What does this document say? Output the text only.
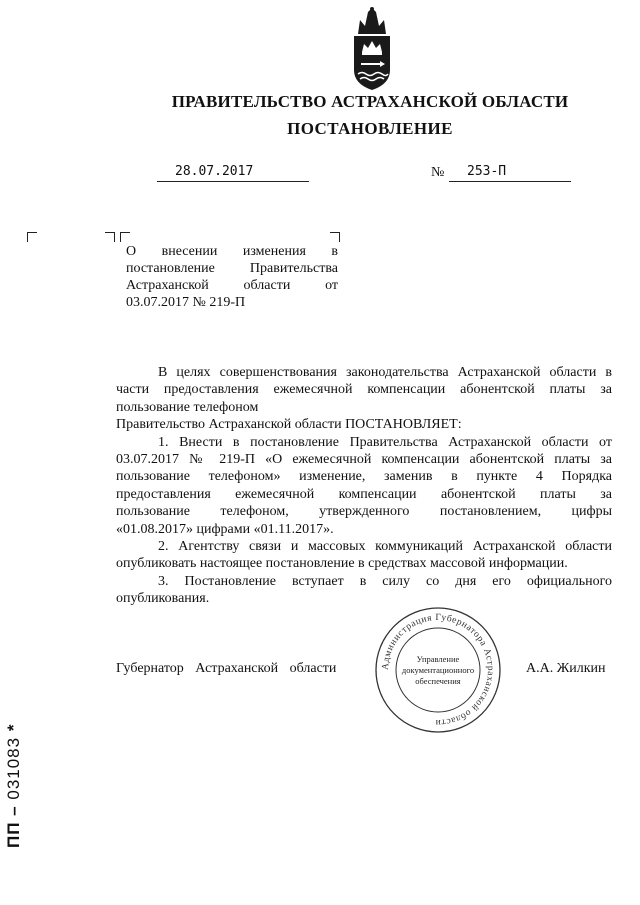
ПРАВИТЕЛЬСТВО АСТРАХАНСКОЙ ОБЛАСТИ
ПОСТАНОВЛЕНИЕ
28.07.2017	№	253-П
О внесении изменения в
постановление Правительства
Астраханской области от
03.07.2017 № 219-П
В целях совершенствования законодательства Астраханской области в
части предоставления ежемесячной компенсации абонентской платы за
пользование телефоном
Правительство Астраханской области ПОСТАНОВЛЯЕТ:
1. Внести в постановление Правительства Астраханской области от
03.07.2017 № 219-П «О ежемесячной компенсации абонентской платы за
пользование телефоном» изменение, заменив в пункте 4 Порядка
предоставления ежемесячной компенсации абонентской платы за
пользование телефоном, утвержденного постановлением, цифры
«01.08.2017» цифрами «01.11.2017».
2. Агентству связи и массовых коммуникаций Астраханской области
опубликовать настоящее постановление в средствах массовой информации.
3. Постановление вступает в силу со дня его официального
опубликования.
Губернатор Астраханской области	А.А. Жилкин
Администрация Губернатора Астраханской области
Управление
документационного
обеспечения
ПП – 031083 *
